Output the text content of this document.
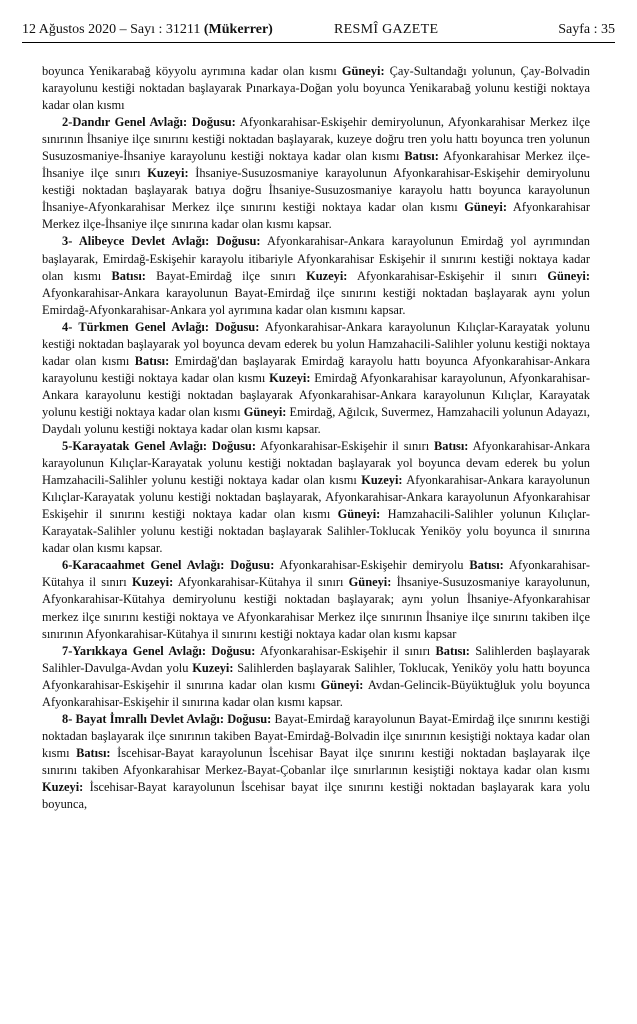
12 Ağustos 2020 – Sayı : 31211 (Mükerrer)	RESMÎ GAZETE	Sayfa : 35

boyunca Yenikarabağ köyyolu ayrımına kadar olan kısmı Güneyi: Çay-Sultandağı yolunun, Çay-Bolvadin karayolunu kestiği noktadan başlayarak Pınarkaya-Doğan yolu boyunca Yenikarabağ yolunu kestiği noktaya kadar olan kısmı

2-Dandır Genel Avlağı: Doğusu: Afyonkarahisar-Eskişehir demiryolunun, Afyonkarahisar Merkez ilçe sınırının İhsaniye ilçe sınırını kestiği noktadan başlayarak, kuzeye doğru tren yolu hattı boyunca tren yolunun Susuzosmaniye-İhsaniye karayolunu kestiği noktaya kadar olan kısmı Batısı: Afyonkarahisar Merkez ilçe-İhsaniye ilçe sınırı Kuzeyi: İhsaniye-Susuzosmaniye karayolunun Afyonkarahisar-Eskişehir demiryolunu kestiği noktadan başlayarak batıya doğru İhsaniye-Susuzosmaniye karayolu hattı boyunca karayolunun İhsaniye-Afyonkarahisar Merkez ilçe sınırını kestiği noktaya kadar olan kısmı Güneyi: Afyonkarahisar Merkez ilçe-İhsaniye ilçe sınırına kadar olan kısmı kapsar.

3- Alibeyce Devlet Avlağı: Doğusu: Afyonkarahisar-Ankara karayolunun Emirdağ yol ayrımından başlayarak, Emirdağ-Eskişehir karayolu itibariyle Afyonkarahisar Eskişehir il sınırını kestiği noktaya kadar olan kısmı Batısı: Bayat-Emirdağ ilçe sınırı Kuzeyi: Afyonkarahisar-Eskişehir il sınırı Güneyi: Afyonkarahisar-Ankara karayolunun Bayat-Emirdağ ilçe sınırını kestiği noktadan başlayarak aynı yolun Emirdağ-Afyonkarahisar-Ankara yol ayrımına kadar olan kısmını kapsar.

4- Türkmen Genel Avlağı: Doğusu: Afyonkarahisar-Ankara karayolunun Kılıçlar-Karayatak yolunu kestiği noktadan başlayarak yol boyunca devam ederek bu yolun Hamzahacili-Salihler yolunu kestiği noktaya kadar olan kısmı Batısı: Emirdağ'dan başlayarak Emirdağ karayolu hattı boyunca Afyonkarahisar-Ankara karayolunu kestiği noktaya kadar olan kısmı Kuzeyi: Emirdağ Afyonkarahisar karayolunun, Afyonkarahisar-Ankara karayolunu kestiği noktadan başlayarak Afyonkarahisar-Ankara karayolunun Kılıçlar, Karayatak yolunu kestiği noktaya kadar olan kısmı Güneyi: Emirdağ, Ağılcık, Suvermez, Hamzahacili yolunun Adayazı, Daydalı yolunu kestiği noktaya kadar olan kısmı kapsar.

5-Karayatak Genel Avlağı: Doğusu: Afyonkarahisar-Eskişehir il sınırı Batısı: Afyonkarahisar-Ankara karayolunun Kılıçlar-Karayatak yolunu kestiği noktadan başlayarak yol boyunca devam ederek bu yolun Hamzahacili-Salihler yolunu kestiği noktaya kadar olan kısmı Kuzeyi: Afyonkarahisar-Ankara karayolunun Kılıçlar-Karayatak yolunu kestiği noktadan başlayarak, Afyonkarahisar-Ankara karayolunun Afyonkarahisar Eskişehir il sınırını kestiği noktaya kadar olan kısmı Güneyi: Hamzahacili-Salihler yolunun Kılıçlar-Karayatak-Salihler yolunu kestiği noktadan başlayarak Salihler-Toklucak Yeniköy yolu boyunca il sınırına kadar olan kısmı kapsar.

6-Karacaahmet Genel Avlağı: Doğusu: Afyonkarahisar-Eskişehir demiryolu Batısı: Afyonkarahisar-Kütahya il sınırı Kuzeyi: Afyonkarahisar-Kütahya il sınırı Güneyi: İhsaniye-Susuzosmaniye karayolunun, Afyonkarahisar-Kütahya demiryolunu kestiği noktadan başlayarak; aynı yolun İhsaniye-Afyonkarahisar merkez ilçe sınırını kestiği noktaya ve Afyonkarahisar Merkez ilçe sınırının İhsaniye ilçe sınırını takiben ilçe sınırının Afyonkarahisar-Kütahya il sınırını kestiği noktaya kadar olan kısmı kapsar

7-Yarıkkaya Genel Avlağı: Doğusu: Afyonkarahisar-Eskişehir il sınırı Batısı: Salihlerden başlayarak Salihler-Davulga-Avdan yolu Kuzeyi: Salihlerden başlayarak Salihler, Toklucak, Yeniköy yolu hattı boyunca Afyonkarahisar-Eskişehir il sınırına kadar olan kısmı Güneyi: Avdan-Gelincik-Büyüktuğluk yolu boyunca Afyonkarahisar-Eskişehir il sınırına kadar olan kısmı kapsar.

8- Bayat İmrallı Devlet Avlağı: Doğusu: Bayat-Emirdağ karayolunun Bayat-Emirdağ ilçe sınırını kestiği noktadan başlayarak ilçe sınırının takiben Bayat-Emirdağ-Bolvadin ilçe sınırının kesiştiği noktaya kadar olan kısmı Batısı: İscehisar-Bayat karayolunun İscehisar Bayat ilçe sınırını kestiği noktadan başlayarak ilçe sınırını takiben Afyonkarahisar Merkez-Bayat-Çobanlar ilçe sınırlarının kesiştiği noktaya kadar olan kısmı Kuzeyi: İscehisar-Bayat karayolunun İscehisar bayat ilçe sınırını kestiği noktadan başlayarak kara yolu boyunca,
